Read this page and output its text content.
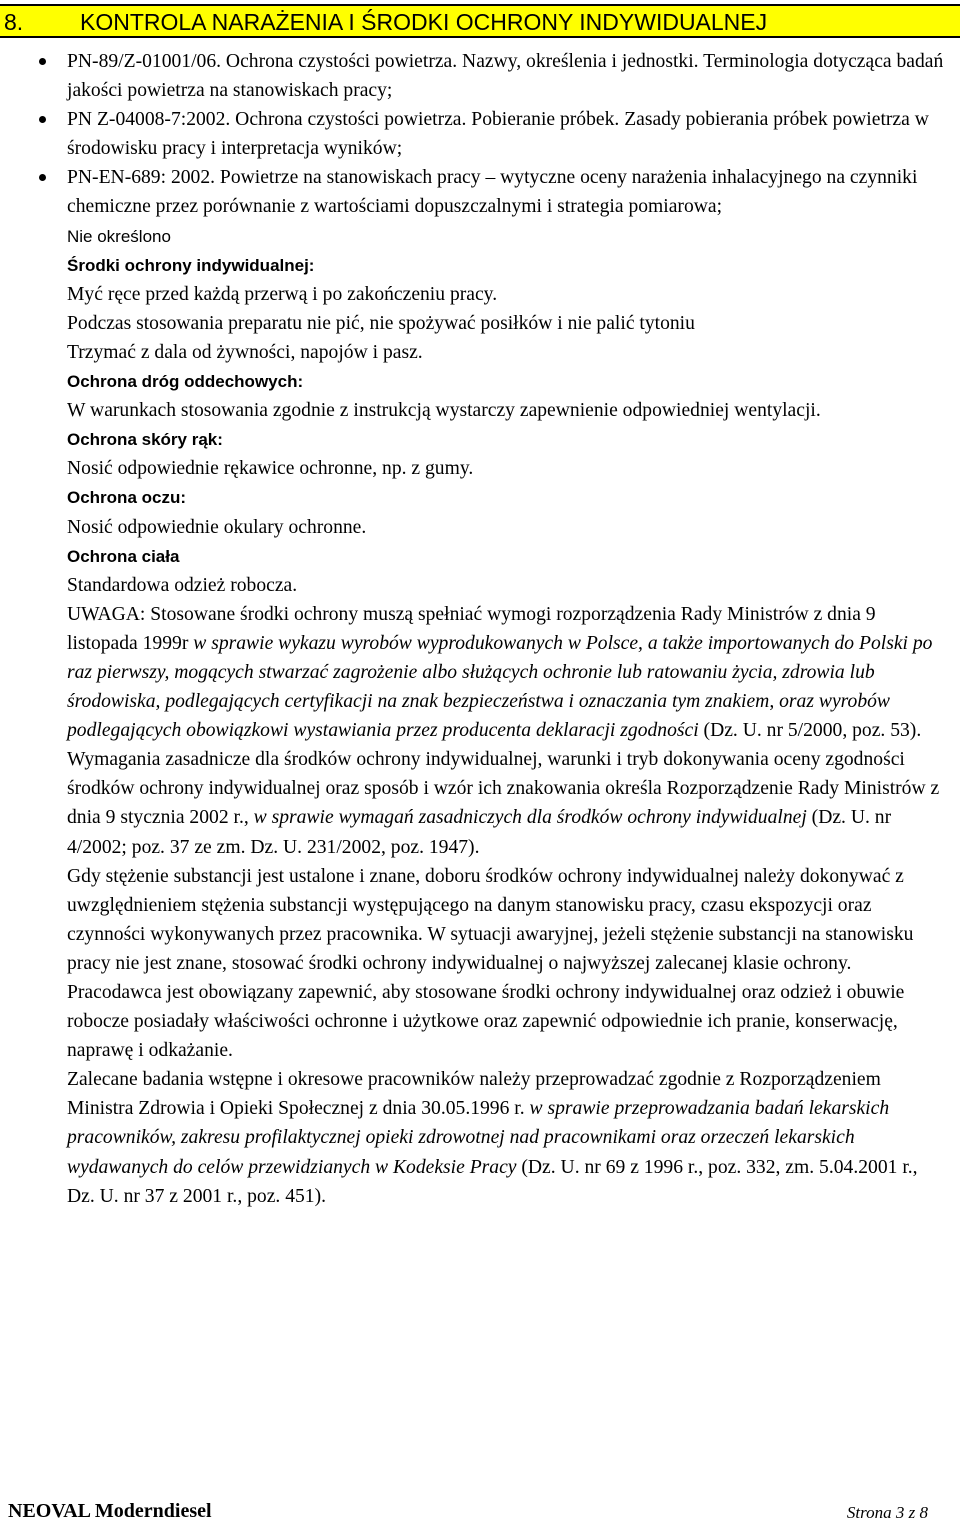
8. KONTROLA NARAŻENIA I ŚRODKI OCHRONY INDYWIDUALNEJ
PN-89/Z-01001/06. Ochrona czystości powietrza. Nazwy, określenia i jednostki. Terminologia dotycząca badań jakości powietrza na stanowiskach pracy;
PN Z-04008-7:2002. Ochrona czystości powietrza. Pobieranie próbek. Zasady pobierania próbek powietrza w środowisku pracy i interpretacja wyników;
PN-EN-689: 2002. Powietrze na stanowiskach pracy – wytyczne oceny narażenia inhalacyjnego na czynniki chemiczne przez porównanie z wartościami dopuszczalnymi i strategia pomiarowa;

Nie określono

Środki ochrony indywidualnej:

Myć ręce przed każdą przerwą i po zakończeniu pracy.

Podczas stosowania preparatu nie pić, nie spożywać posiłków i nie palić tytoniu

Trzymać z dala od żywności, napojów i pasz.

Ochrona dróg oddechowych:

W warunkach stosowania zgodnie z instrukcją wystarczy zapewnienie odpowiedniej wentylacji.

Ochrona skóry rąk:

Nosić odpowiednie rękawice ochronne, np. z gumy.

Ochrona oczu:

Nosić odpowiednie okulary ochronne.

Ochrona ciała

Standardowa odzież robocza.

UWAGA: Stosowane środki ochrony muszą spełniać wymogi rozporządzenia Rady Ministrów z dnia 9 listopada 1999r w sprawie wykazu wyrobów wyprodukowanych w Polsce, a także importowanych do Polski po raz pierwszy, mogących stwarzać zagrożenie albo służących ochronie lub ratowaniu życia, zdrowia lub środowiska, podlegających certyfikacji na znak bezpieczeństwa i oznaczania tym znakiem, oraz wyrobów podlegających obowiązkowi wystawiania przez producenta deklaracji zgodności (Dz. U. nr 5/2000, poz. 53).

Wymagania zasadnicze dla środków ochrony indywidualnej, warunki i tryb dokonywania oceny zgodności środków ochrony indywidualnej oraz sposób i wzór ich znakowania określa Rozporządzenie Rady Ministrów z dnia 9 stycznia 2002 r., w sprawie wymagań zasadniczych dla środków ochrony indywidualnej (Dz. U. nr 4/2002; poz. 37 ze zm. Dz. U. 231/2002, poz. 1947).

Gdy stężenie substancji jest ustalone i znane, doboru środków ochrony indywidualnej należy dokonywać z uwzględnieniem stężenia substancji występującego na danym stanowisku pracy, czasu ekspozycji oraz czynności wykonywanych przez pracownika. W sytuacji awaryjnej, jeżeli stężenie substancji na stanowisku pracy nie jest znane, stosować środki ochrony indywidualnej o najwyższej zalecanej klasie ochrony.

Pracodawca jest obowiązany zapewnić, aby stosowane środki ochrony indywidualnej oraz odzież i obuwie robocze posiadały właściwości ochronne i użytkowe oraz zapewnić odpowiednie ich pranie, konserwację, naprawę i odkażanie.

Zalecane badania wstępne i okresowe pracowników należy przeprowadzać zgodnie z Rozporządzeniem Ministra Zdrowia i Opieki Społecznej z dnia 30.05.1996 r. w sprawie przeprowadzania badań lekarskich pracowników, zakresu profilaktycznej opieki zdrowotnej nad pracownikami oraz orzeczeń lekarskich wydawanych do celów przewidzianych w Kodeksie Pracy (Dz. U. nr 69 z 1996 r., poz. 332, zm. 5.04.2001 r., Dz. U. nr 37 z 2001 r., poz. 451).

NEOVAL Moderndiesel	Strona 3 z 8
